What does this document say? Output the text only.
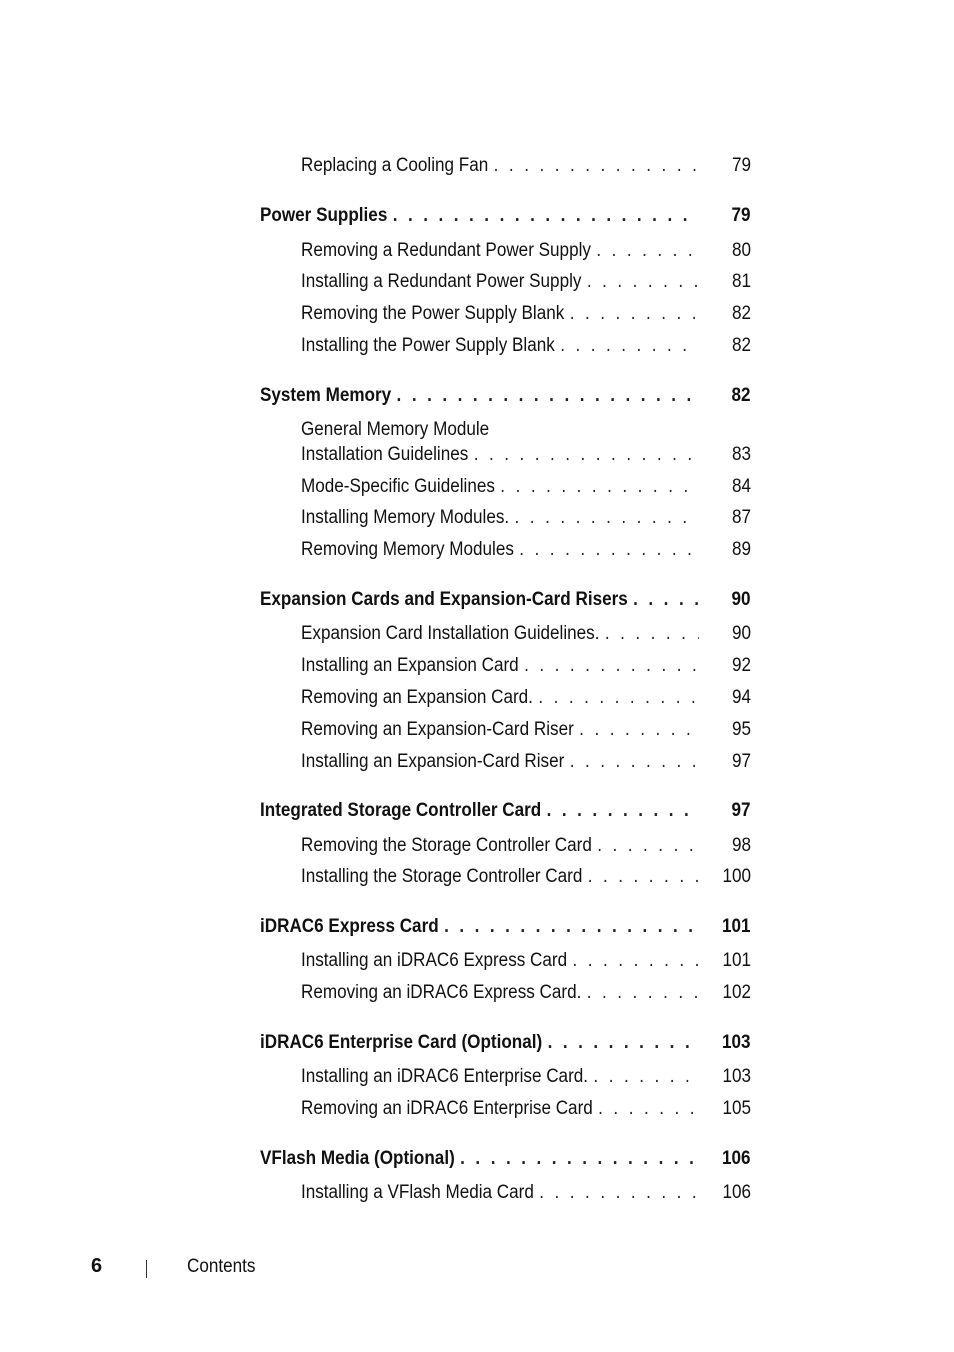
Replacing a Cooling Fan . . .	79
Power Supplies . . .	79
Removing a Redundant Power Supply . . .	80
Installing a Redundant Power Supply . . .	81
Removing the Power Supply Blank . . .	82
Installing the Power Supply Blank . . .	82
System Memory . . .	82
General Memory Module
Installation Guidelines . . .	83
Mode-Specific Guidelines . . .	84
Installing Memory Modules. . . .	87
Removing Memory Modules . . .	89
Expansion Cards and Expansion-Card Risers . . .	90
Expansion Card Installation Guidelines. . . .	90
Installing an Expansion Card . . .	92
Removing an Expansion Card. . . .	94
Removing an Expansion-Card Riser . . .	95
Installing an Expansion-Card Riser . . .	97
Integrated Storage Controller Card . . .	97
Removing the Storage Controller Card . . .	98
Installing the Storage Controller Card . . .	100
iDRAC6 Express Card . . .	101
Installing an iDRAC6 Express Card . . .	101
Removing an iDRAC6 Express Card. . . .	102
iDRAC6 Enterprise Card (Optional) . . .	103
Installing an iDRAC6 Enterprise Card. . . .	103
Removing an iDRAC6 Enterprise Card . . .	105
VFlash Media (Optional) . . .	106
Installing a VFlash Media Card . . .	106
6	Contents
